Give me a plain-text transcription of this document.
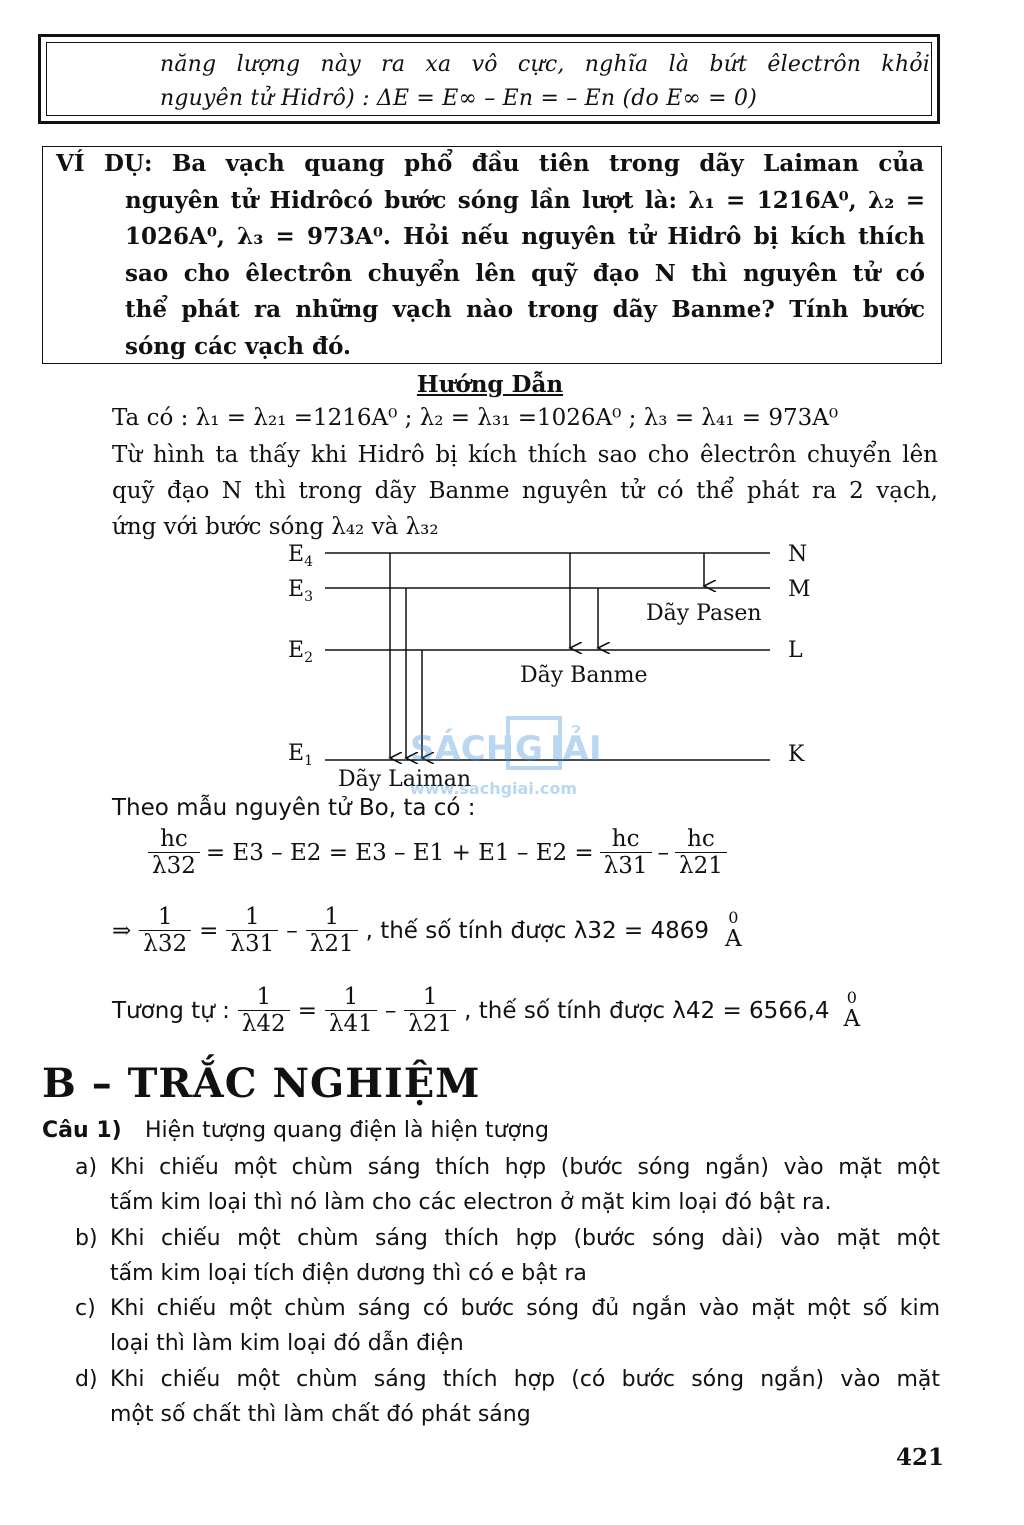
năng lượng này ra xa vô cực, nghĩa là bứt êlectrôn khỏi
nguyên tử Hidrô) : ΔE = E∞ – En = – En (do E∞ = 0)
VÍ DỤ: Ba vạch quang phổ đầu tiên trong dãy Laiman của
nguyên tử Hidrôcó bước sóng lần lượt là: λ₁ = 1216A⁰, λ₂ =
1026A⁰, λ₃ = 973A⁰. Hỏi nếu nguyên tử Hidrô bị kích thích
sao cho êlectrôn chuyển lên quỹ đạo N thì nguyên tử có
thể phát ra những vạch nào trong dãy Banme? Tính bước
sóng các vạch đó.
Hướng Dẫn
Ta có : λ₁ = λ₂₁ =1216A⁰ ; λ₂ = λ₃₁ =1026A⁰ ; λ₃ = λ₄₁ = 973A⁰
Từ hình ta thấy khi Hidrô bị kích thích sao cho êlectrôn chuyển lên
quỹ đạo N thì trong dãy Banme nguyên tử có thể phát ra 2 vạch,
ứng với bước sóng λ₄₂ và λ₃₂
$E_4$
$E_3$
$E_2$
$E_1$
N
M
L
K
Dãy Pasen
Dãy Banme
Dãy Laiman
SÁCH G IẢI
www.sachgiai.com
Theo mẫu nguyên tử Bo, ta có :
$\frac{hc}{\lambda 32} = E3 - E2 = E3 - E1 + E1 - E2 = \frac{hc}{\lambda 31} - \frac{hc}{\lambda 21}$
⇒ $\frac{1}{\lambda 32} = \frac{1}{\lambda 31} - \frac{1}{\lambda 21}$ , thế số tính được λ32 = 4869 0
A
Tương tự : $\frac{1}{\lambda 42} = \frac{1}{\lambda 41} - \frac{1}{\lambda 21}$ , thế số tính được λ42 = 6566,4 0
A
B – TRẮC NGHIỆM
Câu 1) Hiện tượng quang điện là hiện tượng
a) Khi chiếu một chùm sáng thích hợp (bước sóng ngắn) vào mặt một
tấm kim loại thì nó làm cho các electron ở mặt kim loại đó bật ra.
b) Khi chiếu một chùm sáng thích hợp (bước sóng dài) vào mặt một
tấm kim loại tích điện dương thì có e bật ra
c) Khi chiếu một chùm sáng có bước sóng đủ ngắn vào mặt một số kim
loại thì làm kim loại đó dẫn điện
d) Khi chiếu một chùm sáng thích hợp (có bước sóng ngắn) vào mặt
một số chất thì làm chất đó phát sáng
421
